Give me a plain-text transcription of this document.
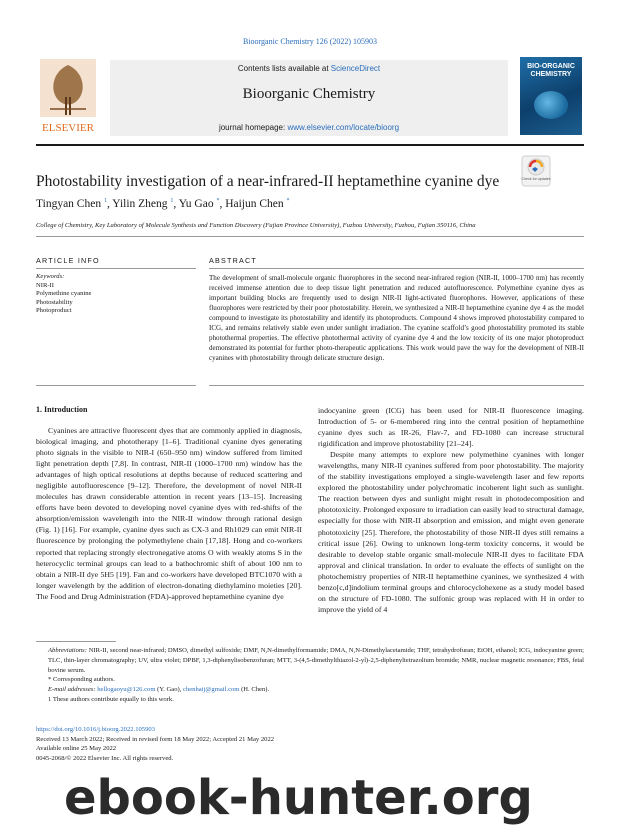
Bioorganic Chemistry 126 (2022) 105903
ELSEVIER
Contents lists available at ScienceDirect
Bioorganic Chemistry
journal homepage: www.elsevier.com/locate/bioorg
BIO-ORGANIC CHEMISTRY
Photostability investigation of a near-infrared-II heptamethine cyanine dye	Check for updates
Tingyan Chen $^1$, Yilin Zheng $^1$, Yu Gao *, Haijun Chen *
College of Chemistry, Key Laboratory of Molecule Synthesis and Function Discovery (Fujian Province University), Fuzhou University, Fuzhou, Fujian 350116, China
ARTICLE INFO	ABSTRACT
Keywords:
NIR-II
Polymethine cyanine
Photostability
Photoproduct
The development of small-molecule organic fluorophores in the second near-infrared region (NIR-II, 1000–1700 nm) has recently received immense attention due to deep tissue light penetration and reduced autofluorescence. Polymethine cyanine dyes as important building blocks are frequently used to design NIR-II light-activated fluorophores. However, applications of these fluorophores were restricted by their poor photostability. Herein, we synthesized a NIR-II heptamethine cyanine dye 4 as the model compound to investigate its photostability and identify its photoproducts. Compound 4 shows improved photostability compared to ICG, and remains relatively stable even under sunlight irradiation. The cyanine scaffold’s good photostability promoted its stable photothermal properties. The effective photothermal activity of cyanine dye 4 and the low toxicity of its one major photoproduct demonstrated its potential for further photo-therapeutic applications. This work would pave the way for the development of NIR-II cyanines with photostability through delicate structure design.
1. Introduction
Cyanines are attractive fluorescent dyes that are commonly applied in diagnosis, biological imaging, and phototherapy [1–6]. Traditional cyanine dyes generating photo signals in the visible to NIR-I (650–950 nm) window suffered from limited light penetration depth [7,8]. In contrast, NIR-II (1000–1700 nm) window has the advantages of high optical resolutions at depths because of reduced scattering and negligible autofluorescence [9–12]. Therefore, the development of novel NIR-II molecules has drawn considerable attention in recent years [13–15]. Increasing efforts have been devoted to developing novel cyanine dyes with red-shifts of the absorption/emission wavelength into the NIR-II window through rational design (Fig. 1) [16]. For example, cyanine dyes such as CX-3 and Rh1029 can emit NIR-II fluorescence by prolonging the polymethylene chain [17,18]. Hong and co-workers reported that replacing strongly electronegative atoms O with weakly atoms S in the heterocyclic terminal groups can lead to a bathochromic shift of about 100 nm to obtain a NIR-II dye 5H5 [19]. Fan and co-workers have developed BTC1070 with a longer wavelength by the addition of electron-donating diethylamino moieties [20]. The Food and Drug Administration (FDA)-approved heptamethine cyanine dye

indocyanine green (ICG) has been used for NIR-II fluorescence imaging. Introduction of 5- or 6-membered ring into the central position of heptamethine cyanine dyes such as IR-26, Flav-7, and FD-1080 can increase structural rigidification and improve photostability [21–24].

Despite many attempts to explore new polymethine cyanines with longer wavelengths, many NIR-II cyanines suffered from poor photostability. The majority of the stability investigations employed a single-wavelength laser and few reports explored the photostability under polychromatic incoherent light such as sunlight. The reaction between dyes and sunlight might result in photodecomposition and phototoxicity. Prolonged exposure to irradiation can easily lead to structural damage, especially for those with NIR-II absorption and emission, and might even generate phototoxicity [25]. Therefore, the photostability of those NIR-II dyes still remains a critical issue [26]. Owing to unknown long-term toxicity concerns, it would be desirable to develop stable organic small-molecule NIR-II dyes to facilitate FDA approval and clinical translation. In order to evaluate the effects of sunlight on the photochemistry properties of NIR-II heptamethine cyanines, we synthesized 4 with benzo[c,d]indolium terminal groups and chlorocyclohexene as a study model based on the structure of FD-1080. The sulfonic group was replaced with H in order to improve the yield of 4

Abbreviations: NIR-II, second near-infrared; DMSO, dimethyl sulfoxide; DMF, N,N-dimethylformamide; DMA, N,N-Dimethylacetamide; THF, tetrahydrofuran; EtOH, ethanol; ICG, indocyanine green; TLC, thin-layer chromatography; UV, ultra violet; DPBF, 1,3-diphenylisobenzofuran; MTT, 3-(4,5-dimethylthiazol-2-yl)-2,5-diphenyltetrazolium bromide; NMR, nuclear magnetic resonance; FBS, fetal bovine serum.
* Corresponding authors.
E-mail addresses: hellogaoyu@126.com (Y. Gao), chenhaij@gmail.com (H. Chen).
1 These authors contribute equally to this work.
https://doi.org/10.1016/j.bioorg.2022.105903
Received 13 March 2022; Received in revised form 18 May 2022; Accepted 21 May 2022
Available online 25 May 2022
0045-2068/© 2022 Elsevier Inc. All rights reserved.
ebook-hunter.org
